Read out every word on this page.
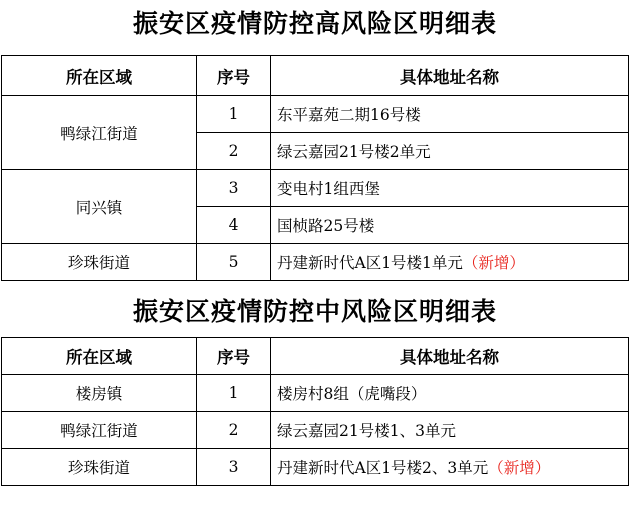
振安区疫情防控高风险区明细表
所在区域	序号	具体地址名称
鸭绿江街道	1	东平嘉苑二期16号楼
	2	绿云嘉园21号楼2单元
同兴镇	3	变电村1组西堡
	4	国桢路25号楼
珍珠街道	5	丹建新时代A区1号楼1单元（新增）
振安区疫情防控中风险区明细表
所在区域	序号	具体地址名称
楼房镇	1	楼房村8组（虎嘴段）
鸭绿江街道	2	绿云嘉园21号楼1、3单元
珍珠街道	3	丹建新时代A区1号楼2、3单元（新增）
